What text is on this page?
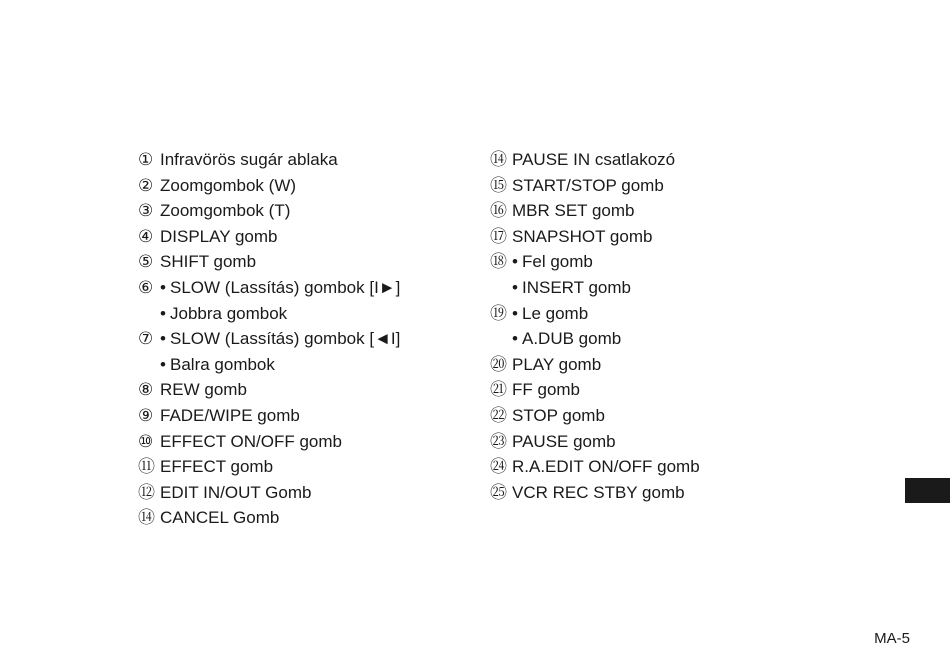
① Infravörös sugár ablaka
② Zoomgombok (W)
③ Zoomgombok (T)
④ DISPLAY gomb
⑤ SHIFT gomb
⑥ • SLOW (Lassítás) gombok [I►]
• Jobbra gombok
⑦ • SLOW (Lassítás) gombok [◄I]
• Balra gombok
⑧ REW gomb
⑨ FADE/WIPE gomb
⑩ EFFECT ON/OFF gomb
⑪ EFFECT gomb
⑫ EDIT IN/OUT Gomb
⑭ CANCEL Gomb
⑭ PAUSE IN csatlakozó
⑮ START/STOP gomb
⑯ MBR SET gomb
⑰ SNAPSHOT gomb
⑱ • Fel gomb
• INSERT gomb
⑲ • Le gomb
• A.DUB gomb
⑳ PLAY gomb
㉑ FF gomb
㉒ STOP gomb
㉓ PAUSE gomb
㉔ R.A.EDIT ON/OFF gomb
㉕ VCR REC STBY gomb
MA-5
